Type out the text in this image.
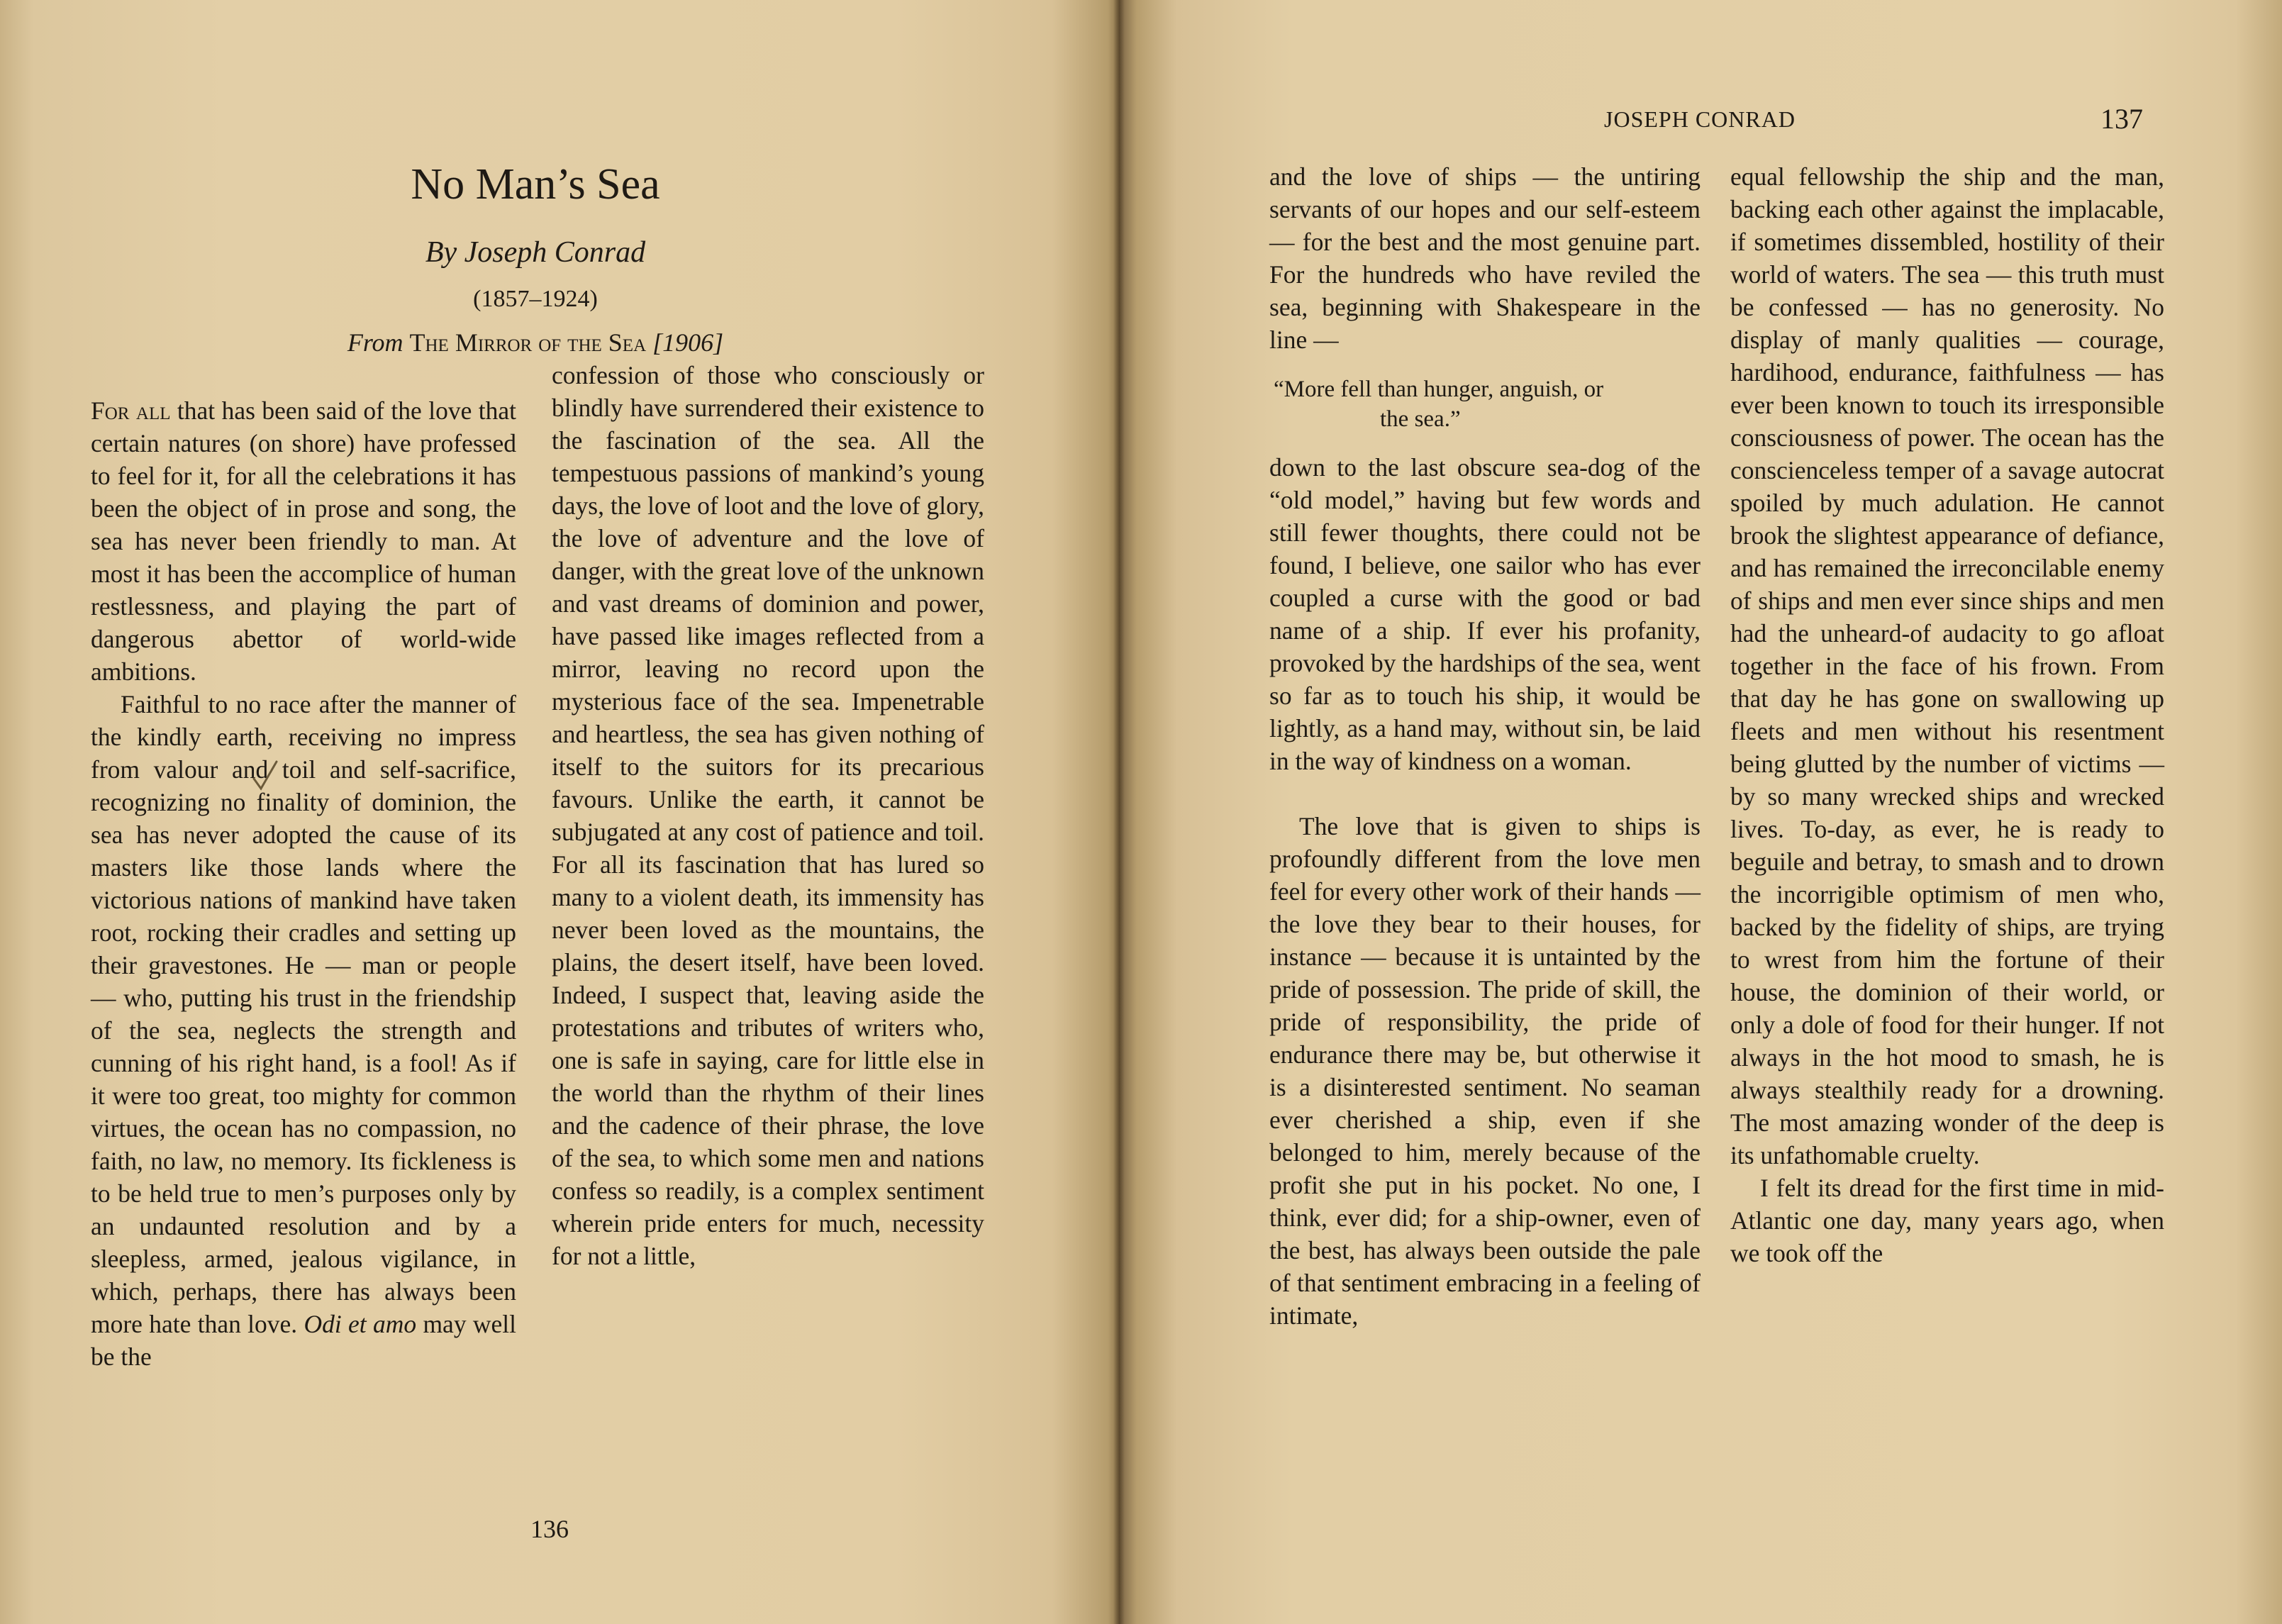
No Man’s Sea
By Joseph Conrad
(1857–1924)
From The Mirror of the Sea [1906]

For all that has been said of the love that certain natures (on shore) have professed to feel for it, for all the celebrations it has been the object of in prose and song, the sea has never been friendly to man. At most it has been the accomplice of human restlessness, and playing the part of dangerous abettor of world-wide ambitions.

Faithful to no race after the manner of the kindly earth, receiving no impress from valour and toil and self-sacrifice, recognizing no finality of dominion, the sea has never adopted the cause of its masters like those lands where the victorious nations of mankind have taken root, rocking their cradles and setting up their gravestones. He — man or people — who, putting his trust in the friendship of the sea, neglects the strength and cunning of his right hand, is a fool! As if it were too great, too mighty for common virtues, the ocean has no compassion, no faith, no law, no memory. Its fickleness is to be held true to men’s purposes only by an undaunted resolution and by a sleepless, armed, jealous vigilance, in which, perhaps, there has always been more hate than love. Odi et amo may well be the

confession of those who consciously or blindly have surrendered their existence to the fascination of the sea. All the tempestuous passions of mankind’s young days, the love of loot and the love of glory, the love of adventure and the love of danger, with the great love of the unknown and vast dreams of dominion and power, have passed like images reflected from a mirror, leaving no record upon the mysterious face of the sea. Impenetrable and heartless, the sea has given nothing of itself to the suitors for its precarious favours. Unlike the earth, it cannot be subjugated at any cost of patience and toil. For all its fascination that has lured so many to a violent death, its immensity has never been loved as the mountains, the plains, the desert itself, have been loved. Indeed, I suspect that, leaving aside the protestations and tributes of writers who, one is safe in saying, care for little else in the world than the rhythm of their lines and the cadence of their phrase, the love of the sea, to which some men and nations confess so readily, is a complex sentiment wherein pride enters for much, necessity for not a little,

136
JOSEPH CONRAD	137

and the love of ships — the untiring servants of our hopes and our self-esteem — for the best and the most genuine part. For the hundreds who have reviled the sea, beginning with Shakespeare in the line —

“More fell than hunger, anguish, or
the sea.”

down to the last obscure sea-dog of the “old model,” having but few words and still fewer thoughts, there could not be found, I believe, one sailor who has ever coupled a curse with the good or bad name of a ship. If ever his profanity, provoked by the hardships of the sea, went so far as to touch his ship, it would be lightly, as a hand may, without sin, be laid in the way of kindness on a woman.

The love that is given to ships is profoundly different from the love men feel for every other work of their hands — the love they bear to their houses, for instance — because it is untainted by the pride of possession. The pride of skill, the pride of responsibility, the pride of endurance there may be, but otherwise it is a disinterested sentiment. No seaman ever cherished a ship, even if she belonged to him, merely because of the profit she put in his pocket. No one, I think, ever did; for a ship-owner, even of the best, has always been outside the pale of that sentiment embracing in a feeling of intimate,

equal fellowship the ship and the man, backing each other against the implacable, if sometimes dissembled, hostility of their world of waters. The sea — this truth must be confessed — has no generosity. No display of manly qualities — courage, hardihood, endurance, faithfulness — has ever been known to touch its irresponsible consciousness of power. The ocean has the conscienceless temper of a savage autocrat spoiled by much adulation. He cannot brook the slightest appearance of defiance, and has remained the irreconcilable enemy of ships and men ever since ships and men had the unheard-of audacity to go afloat together in the face of his frown. From that day he has gone on swallowing up fleets and men without his resentment being glutted by the number of victims — by so many wrecked ships and wrecked lives. To-day, as ever, he is ready to beguile and betray, to smash and to drown the incorrigible optimism of men who, backed by the fidelity of ships, are trying to wrest from him the fortune of their house, the dominion of their world, or only a dole of food for their hunger. If not always in the hot mood to smash, he is always stealthily ready for a drowning. The most amazing wonder of the deep is its unfathomable cruelty.

I felt its dread for the first time in mid-Atlantic one day, many years ago, when we took off the
